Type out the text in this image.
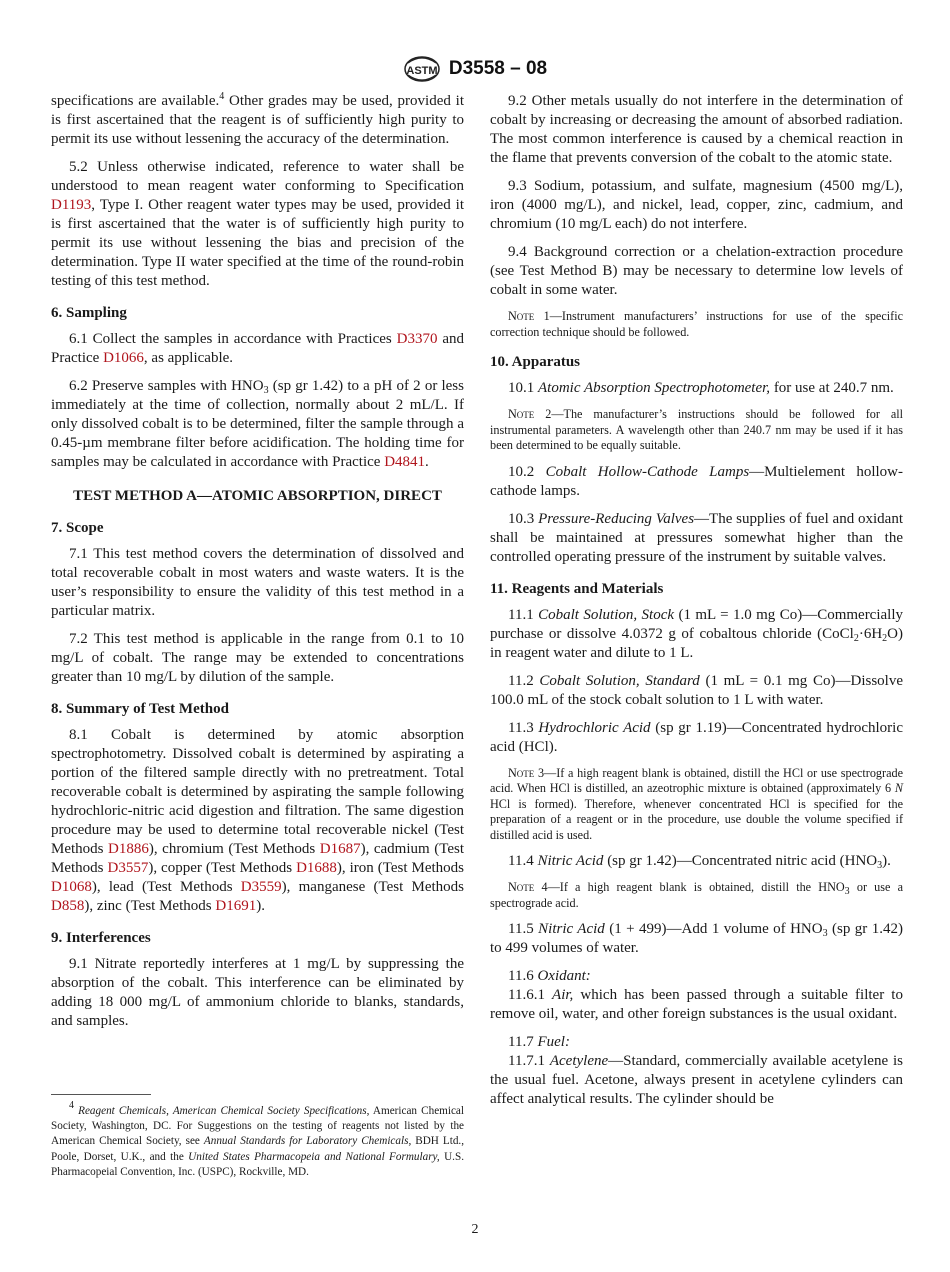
ASTM D3558 – 08

specifications are available.$^4$ Other grades may be used, provided it is first ascertained that the reagent is of sufficiently high purity to permit its use without lessening the accuracy of the determination.

5.2 Unless otherwise indicated, reference to water shall be understood to mean reagent water conforming to Specification D1193, Type I. Other reagent water types may be used, provided it is first ascertained that the water is of sufficiently high purity to permit its use without lessening the bias and precision of the determination. Type II water specified at the time of the round-robin testing of this test method.

6. Sampling

6.1 Collect the samples in accordance with Practices D3370 and Practice D1066, as applicable.

6.2 Preserve samples with $HNO_3$ (sp gr 1.42) to a pH of 2 or less immediately at the time of collection, normally about 2 mL/L. If only dissolved cobalt is to be determined, filter the sample through a 0.45-µm membrane filter before acidification. The holding time for samples may be calculated in accordance with Practice D4841.

TEST METHOD A—ATOMIC ABSORPTION, DIRECT
7. Scope

7.1 This test method covers the determination of dissolved and total recoverable cobalt in most waters and waste waters. It is the user’s responsibility to ensure the validity of this test method in a particular matrix.

7.2 This test method is applicable in the range from 0.1 to 10 mg/L of cobalt. The range may be extended to concentrations greater than 10 mg/L by dilution of the sample.

8. Summary of Test Method

8.1 Cobalt is determined by atomic absorption spectrophotometry. Dissolved cobalt is determined by aspirating a portion of the filtered sample directly with no pretreatment. Total recoverable cobalt is determined by aspirating the sample following hydrochloric-nitric acid digestion and filtration. The same digestion procedure may be used to determine total recoverable nickel (Test Methods D1886), chromium (Test Methods D1687), cadmium (Test Methods D3557), copper (Test Methods D1688), iron (Test Methods D1068), lead (Test Methods D3559), manganese (Test Methods D858), zinc (Test Methods D1691).

9. Interferences

9.1 Nitrate reportedly interferes at 1 mg/L by suppressing the absorption of the cobalt. This interference can be eliminated by adding 18 000 mg/L of ammonium chloride to blanks, standards, and samples.

$^4$ Reagent Chemicals, American Chemical Society Specifications, American Chemical Society, Washington, DC. For Suggestions on the testing of reagents not listed by the American Chemical Society, see Annual Standards for Laboratory Chemicals, BDH Ltd., Poole, Dorset, U.K., and the United States Pharmacopeia and National Formulary, U.S. Pharmacopeial Convention, Inc. (USPC), Rockville, MD.

9.2 Other metals usually do not interfere in the determination of cobalt by increasing or decreasing the amount of absorbed radiation. The most common interference is caused by a chemical reaction in the flame that prevents conversion of the cobalt to the atomic state.

9.3 Sodium, potassium, and sulfate, magnesium (4500 mg/L), iron (4000 mg/L), and nickel, lead, copper, zinc, cadmium, and chromium (10 mg/L each) do not interfere.

9.4 Background correction or a chelation-extraction procedure (see Test Method B) may be necessary to determine low levels of cobalt in some water.

Note 1—Instrument manufacturers’ instructions for use of the specific correction technique should be followed.

10. Apparatus

10.1 Atomic Absorption Spectrophotometer, for use at 240.7 nm.

Note 2—The manufacturer’s instructions should be followed for all instrumental parameters. A wavelength other than 240.7 nm may be used if it has been determined to be equally suitable.

10.2 Cobalt Hollow-Cathode Lamps—Multielement hollow-cathode lamps.

10.3 Pressure-Reducing Valves—The supplies of fuel and oxidant shall be maintained at pressures somewhat higher than the controlled operating pressure of the instrument by suitable valves.

11. Reagents and Materials

11.1 Cobalt Solution, Stock (1 mL = 1.0 mg Co)—Commercially purchase or dissolve 4.0372 g of cobaltous chloride $(CoCl_2\cdot 6H_2O)$ in reagent water and dilute to 1 L.

11.2 Cobalt Solution, Standard (1 mL = 0.1 mg Co)—Dissolve 100.0 mL of the stock cobalt solution to 1 L with water.

11.3 Hydrochloric Acid (sp gr 1.19)—Concentrated hydrochloric acid (HCl).

Note 3—If a high reagent blank is obtained, distill the HCl or use spectrograde acid. When HCl is distilled, an azeotrophic mixture is obtained (approximately 6 N HCl is formed). Therefore, whenever concentrated HCl is specified for the preparation of a reagent or in the procedure, use double the volume specified if distilled acid is used.

11.4 Nitric Acid (sp gr 1.42)—Concentrated nitric acid $(HNO_3)$.

Note 4—If a high reagent blank is obtained, distill the $HNO_3$ or use a spectrograde acid.

11.5 Nitric Acid (1 + 499)—Add 1 volume of $HNO_3$ (sp gr 1.42) to 499 volumes of water.

11.6 Oxidant:

11.6.1 Air, which has been passed through a suitable filter to remove oil, water, and other foreign substances is the usual oxidant.

11.7 Fuel:

11.7.1 Acetylene—Standard, commercially available acetylene is the usual fuel. Acetone, always present in acetylene cylinders can affect analytical results. The cylinder should be

2
